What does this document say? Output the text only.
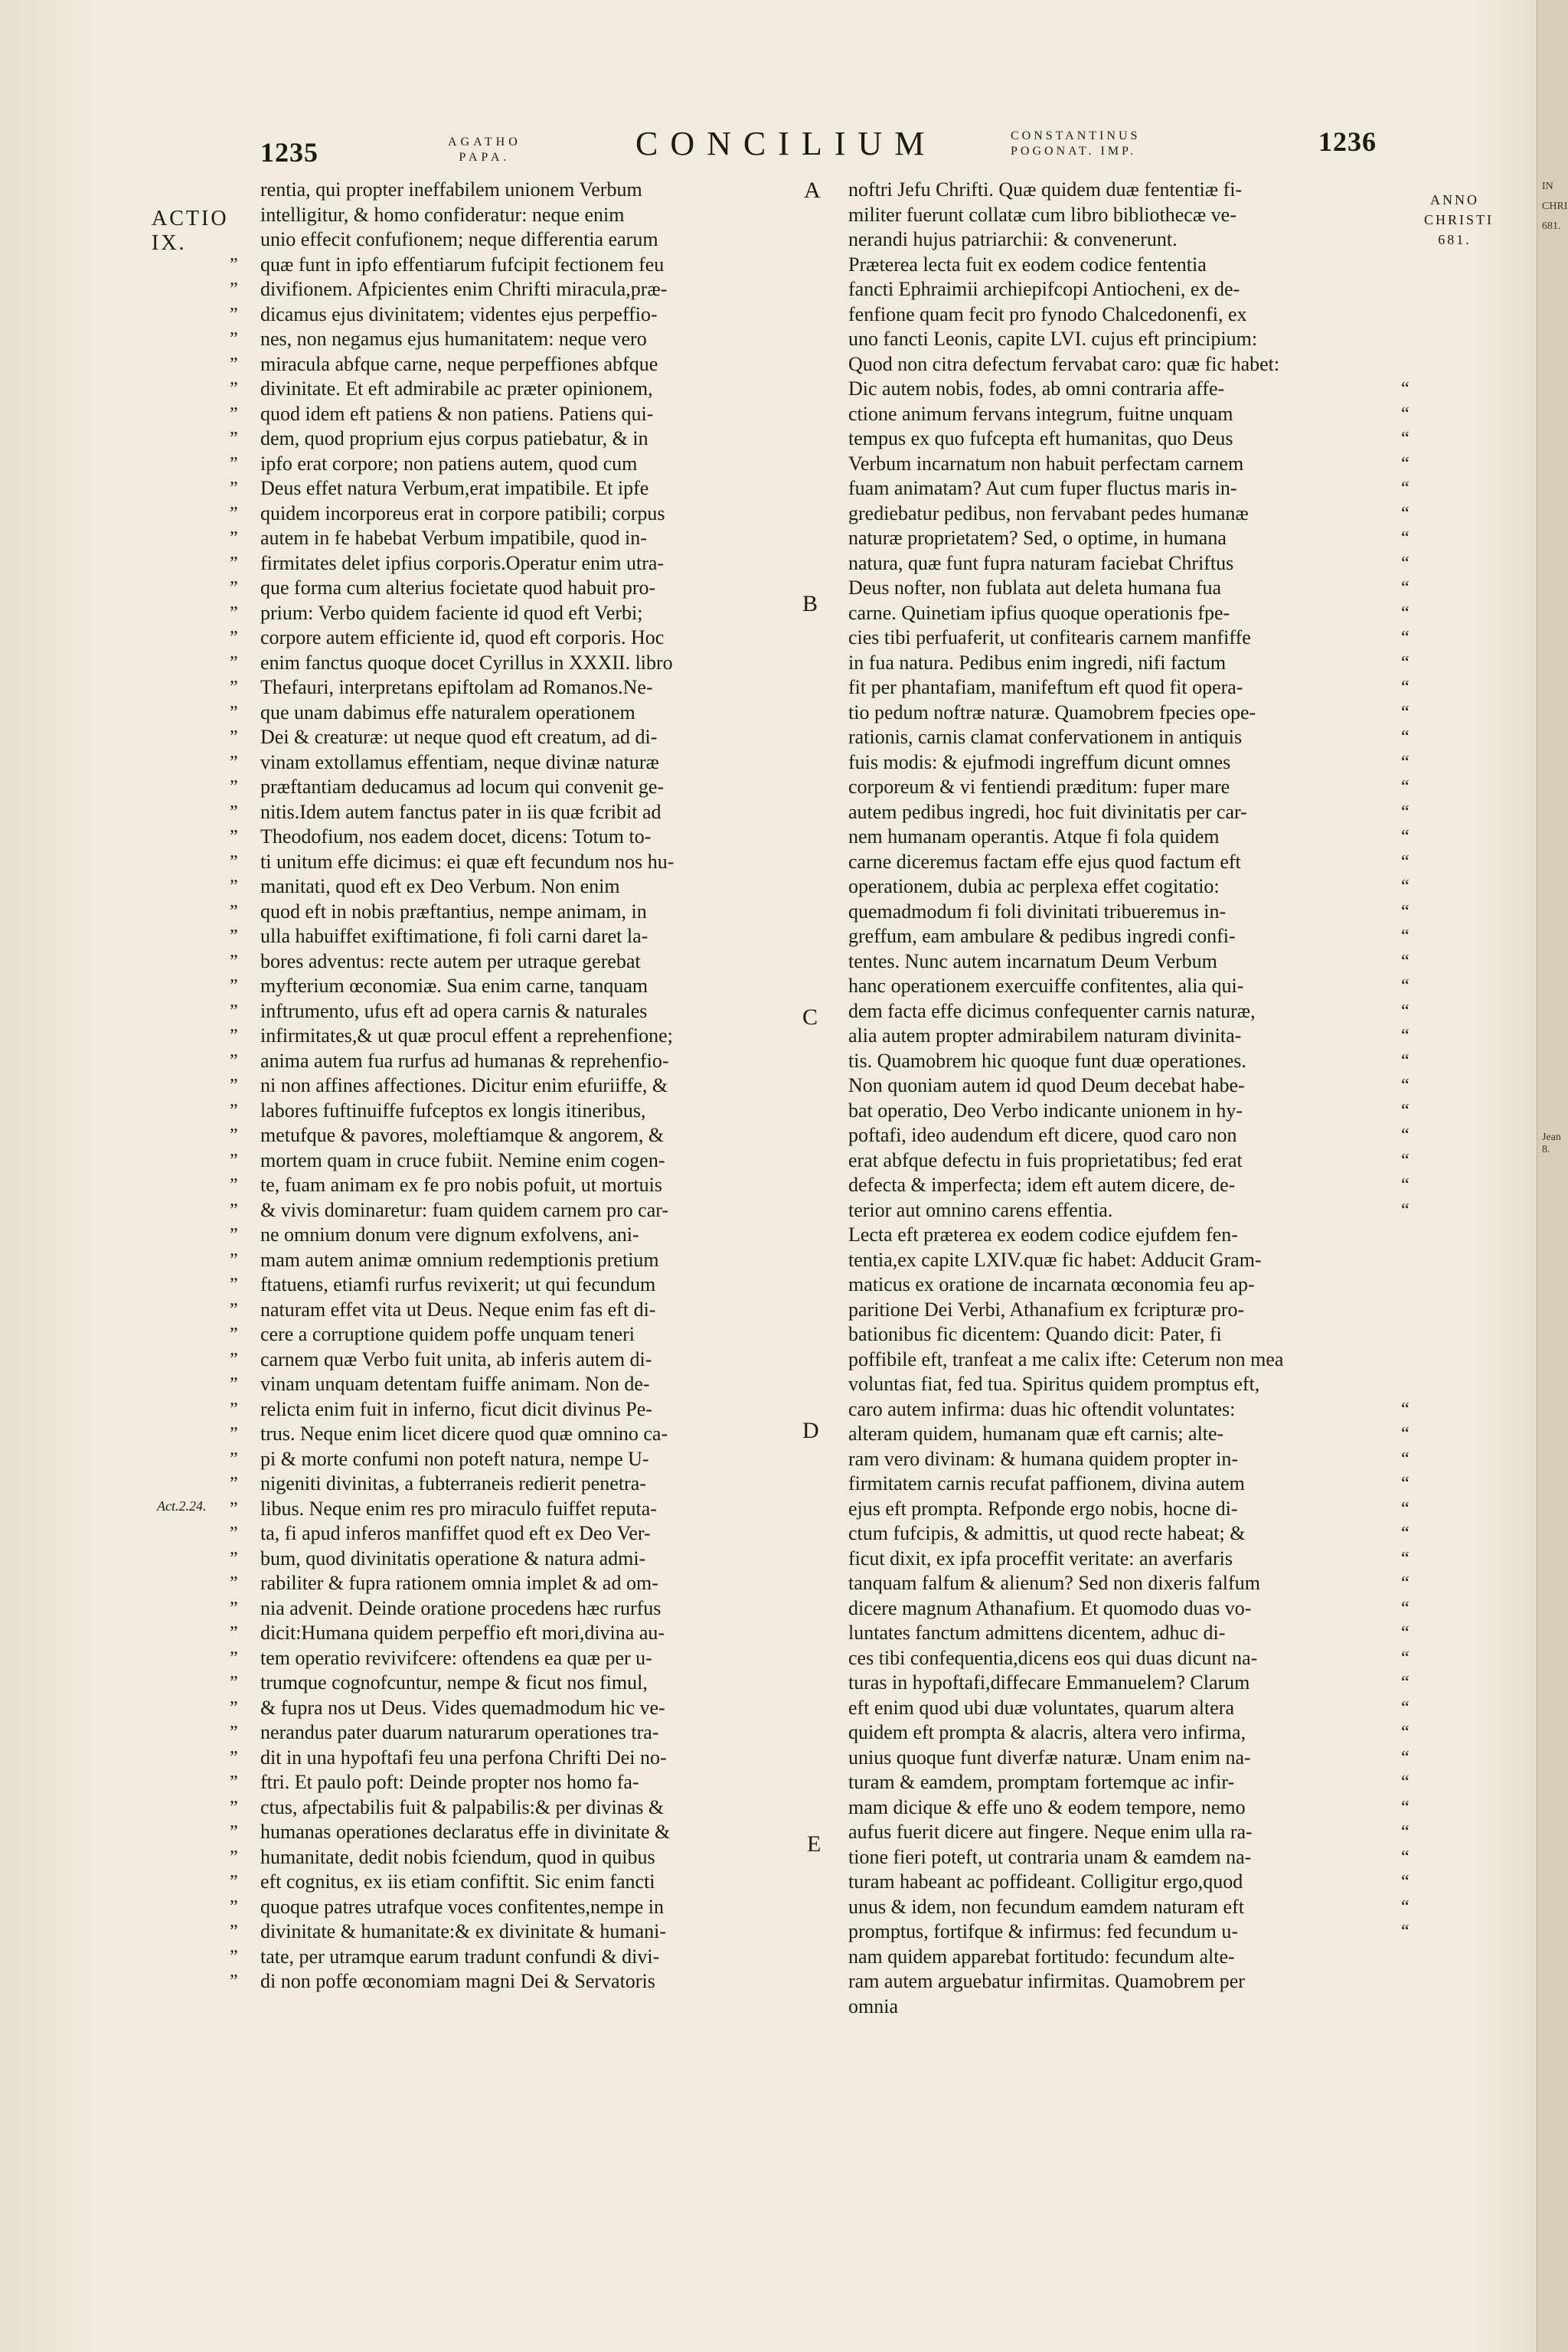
IN
CHRI
681.
Jean 8.
1235	AGATHO
PAPA.	CONCILIUM	CONSTANTINUS
POGONAT. IMP.	1236
ACTIO
IX.
ANNO
CHRISTI
681.
A
B
C
D
E
Act.2.24.
rentia, qui propter ineffabilem unionem Verbum
intelligitur, & homo confideratur: neque enim
unio effecit confufionem; neque differentia earum
” quæ funt in ipfo effentiarum fufcipit fectionem feu
” divifionem. Afpicientes enim Chrifti miracula,præ-
” dicamus ejus divinitatem; videntes ejus perpeffio-
” nes, non negamus ejus humanitatem: neque vero
” miracula abfque carne, neque perpeffiones abfque
” divinitate. Et eft admirabile ac præter opinionem,
” quod idem eft patiens & non patiens. Patiens qui-
” dem, quod proprium ejus corpus patiebatur, & in
” ipfo erat corpore; non patiens autem, quod cum
” Deus effet natura Verbum,erat impatibile. Et ipfe
” quidem incorporeus erat in corpore patibili; corpus
” autem in fe habebat Verbum impatibile, quod in-
” firmitates delet ipfius corporis.Operatur enim utra-
” que forma cum alterius focietate quod habuit pro-
” prium: Verbo quidem faciente id quod eft Verbi;
” corpore autem efficiente id, quod eft corporis. Hoc
” enim fanctus quoque docet Cyrillus in XXXII. libro
” Thefauri, interpretans epiftolam ad Romanos.Ne-
” que unam dabimus effe naturalem operationem
” Dei & creaturæ: ut neque quod eft creatum, ad di-
” vinam extollamus effentiam, neque divinæ naturæ
” præftantiam deducamus ad locum qui convenit ge-
” nitis.Idem autem fanctus pater in iis quæ fcribit ad
” Theodofium, nos eadem docet, dicens: Totum to-
” ti unitum effe dicimus: ei quæ eft fecundum nos hu-
” manitati, quod eft ex Deo Verbum. Non enim
” quod eft in nobis præftantius, nempe animam, in
” ulla habuiffet exiftimatione, fi foli carni daret la-
” bores adventus: recte autem per utraque gerebat
” myfterium œconomiæ. Sua enim carne, tanquam
” inftrumento, ufus eft ad opera carnis & naturales
” infirmitates,& ut quæ procul effent a reprehenfione;
” anima autem fua rurfus ad humanas & reprehenfio-
” ni non affines affectiones. Dicitur enim efuriiffe, &
” labores fuftinuiffe fufceptos ex longis itineribus,
” metufque & pavores, moleftiamque & angorem, &
” mortem quam in cruce fubiit. Nemine enim cogen-
” te, fuam animam ex fe pro nobis pofuit, ut mortuis
” & vivis dominaretur: fuam quidem carnem pro car-
” ne omnium donum vere dignum exfolvens, ani-
” mam autem animæ omnium redemptionis pretium
” ftatuens, etiamfi rurfus revixerit; ut qui fecundum
” naturam effet vita ut Deus. Neque enim fas eft di-
” cere a corruptione quidem poffe unquam teneri
” carnem quæ Verbo fuit unita, ab inferis autem di-
” vinam unquam detentam fuiffe animam. Non de-
” relicta enim fuit in inferno, ficut dicit divinus Pe-
” trus. Neque enim licet dicere quod quæ omnino ca-
” pi & morte confumi non poteft natura, nempe U-
” nigeniti divinitas, a fubterraneis redierit penetra-
” libus. Neque enim res pro miraculo fuiffet reputa-
” ta, fi apud inferos manfiffet quod eft ex Deo Ver-
” bum, quod divinitatis operatione & natura admi-
” rabiliter & fupra rationem omnia implet & ad om-
” nia advenit. Deinde oratione procedens hæc rurfus
” dicit:Humana quidem perpeffio eft mori,divina au-
” tem operatio revivifcere: oftendens ea quæ per u-
” trumque cognofcuntur, nempe & ficut nos fimul,
” & fupra nos ut Deus. Vides quemadmodum hic ve-
” nerandus pater duarum naturarum operationes tra-
” dit in una hypoftafi feu una perfona Chrifti Dei no-
” ftri. Et paulo poft: Deinde propter nos homo fa-
” ctus, afpectabilis fuit & palpabilis:& per divinas &
” humanas operationes declaratus effe in divinitate &
” humanitate, dedit nobis fciendum, quod in quibus
” eft cognitus, ex iis etiam confiftit. Sic enim fancti
” quoque patres utrafque voces confitentes,nempe in
” divinitate & humanitate:& ex divinitate & humani-
” tate, per utramque earum tradunt confundi & divi-
” di non poffe œconomiam magni Dei & Servatoris
noftri Jefu Chrifti. Quæ quidem duæ fententiæ fi-
militer fuerunt collatæ cum libro bibliothecæ ve-
nerandi hujus patriarchii: & convenerunt.
Præterea lecta fuit ex eodem codice fententia
fancti Ephraimii archiepifcopi Antiocheni, ex de-
fenfione quam fecit pro fynodo Chalcedonenfi, ex
uno fancti Leonis, capite LVI. cujus eft principium:
Quod non citra defectum fervabat caro: quæ fic habet:
“
Dic autem nobis, fodes, ab omni contraria affe-
“
ctione animum fervans integrum, fuitne unquam
“
tempus ex quo fufcepta eft humanitas, quo Deus
“
Verbum incarnatum non habuit perfectam carnem
“
fuam animatam? Aut cum fuper fluctus maris in-
“
grediebatur pedibus, non fervabant pedes humanæ
“
naturæ proprietatem? Sed, o optime, in humana
“
natura, quæ funt fupra naturam faciebat Chriftus
“
Deus nofter, non fublata aut deleta humana fua
“
carne. Quinetiam ipfius quoque operationis fpe-
“
cies tibi perfuaferit, ut confitearis carnem manfiffe
“
in fua natura. Pedibus enim ingredi, nifi factum
“
fit per phantafiam, manifeftum eft quod fit opera-
“
tio pedum noftræ naturæ. Quamobrem fpecies ope-
“
rationis, carnis clamat confervationem in antiquis
“
fuis modis: & ejufmodi ingreffum dicunt omnes
“
corporeum & vi fentiendi præditum: fuper mare
“
autem pedibus ingredi, hoc fuit divinitatis per car-
“
nem humanam operantis. Atque fi fola quidem
“
carne diceremus factam effe ejus quod factum eft
“
operationem, dubia ac perplexa effet cogitatio:
“
quemadmodum fi foli divinitati tribueremus in-
“
greffum, eam ambulare & pedibus ingredi confi-
“
tentes. Nunc autem incarnatum Deum Verbum
“
hanc operationem exercuiffe confitentes, alia qui-
“
dem facta effe dicimus confequenter carnis naturæ,
“
alia autem propter admirabilem naturam divinita-
“
tis. Quamobrem hic quoque funt duæ operationes.
“
Non quoniam autem id quod Deum decebat habe-
“
bat operatio, Deo Verbo indicante unionem in hy-
“
poftafi, ideo audendum eft dicere, quod caro non
“
erat abfque defectu in fuis proprietatibus; fed erat
“
defecta & imperfecta; idem eft autem dicere, de-
“
terior aut omnino carens effentia.
Lecta eft præterea ex eodem codice ejufdem fen-
tentia,ex capite LXIV.quæ fic habet: Adducit Gram-
maticus ex oratione de incarnata œconomia feu ap-
paritione Dei Verbi, Athanafium ex fcripturæ pro-
bationibus fic dicentem: Quando dicit: Pater, fi
poffibile eft, tranfeat a me calix ifte: Ceterum non mea
voluntas fiat, fed tua. Spiritus quidem promptus eft,
“
caro autem infirma: duas hic oftendit voluntates:
“
alteram quidem, humanam quæ eft carnis; alte-
“
ram vero divinam: & humana quidem propter in-
“
firmitatem carnis recufat paffionem, divina autem
“
ejus eft prompta. Refponde ergo nobis, hocne di-
“
ctum fufcipis, & admittis, ut quod recte habeat; &
“
ficut dixit, ex ipfa proceffit veritate: an averfaris
“
tanquam falfum & alienum? Sed non dixeris falfum
“
dicere magnum Athanafium. Et quomodo duas vo-
“
luntates fanctum admittens dicentem, adhuc di-
“
ces tibi confequentia,dicens eos qui duas dicunt na-
“
turas in hypoftafi,diffecare Emmanuelem? Clarum
“
eft enim quod ubi duæ voluntates, quarum altera
“
quidem eft prompta & alacris, altera vero infirma,
“
unius quoque funt diverfæ naturæ. Unam enim na-
“
turam & eamdem, promptam fortemque ac infir-
“
mam dicique & effe uno & eodem tempore, nemo
“
aufus fuerit dicere aut fingere. Neque enim ulla ra-
“
tione fieri poteft, ut contraria unam & eamdem na-
“
turam habeant ac poffideant. Colligitur ergo,quod
“
unus & idem, non fecundum eamdem naturam eft
“
promptus, fortifque & infirmus: fed fecundum u-
nam quidem apparebat fortitudo: fecundum alte-
ram autem arguebatur infirmitas. Quamobrem per
omnia
